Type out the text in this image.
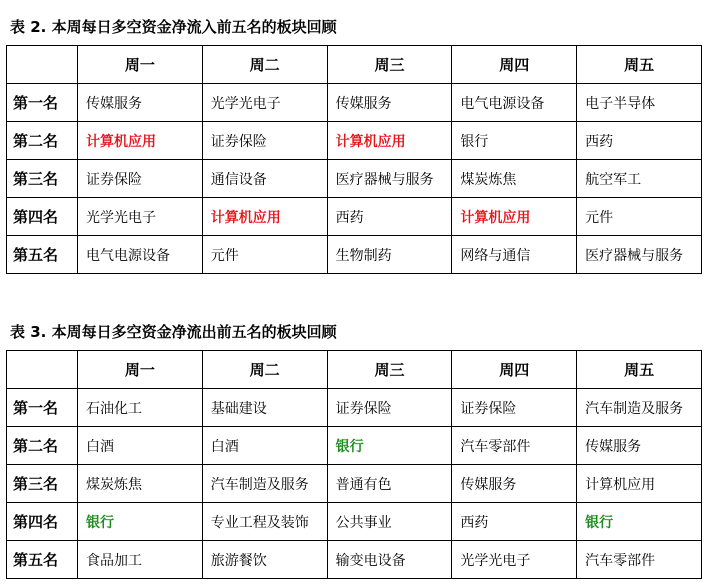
表 2. 本周每日多空资金净流入前五名的板块回顾
	周一	周二	周三	周四	周五
第一名	传媒服务	光学光电子	传媒服务	电气电源设备	电子半导体
第二名	计算机应用	证券保险	计算机应用	银行	西药
第三名	证券保险	通信设备	医疗器械与服务	煤炭炼焦	航空军工
第四名	光学光电子	计算机应用	西药	计算机应用	元件
第五名	电气电源设备	元件	生物制药	网络与通信	医疗器械与服务
表 3. 本周每日多空资金净流出前五名的板块回顾
	周一	周二	周三	周四	周五
第一名	石油化工	基础建设	证券保险	证券保险	汽车制造及服务
第二名	白酒	白酒	银行	汽车零部件	传媒服务
第三名	煤炭炼焦	汽车制造及服务	普通有色	传媒服务	计算机应用
第四名	银行	专业工程及装饰	公共事业	西药	银行
第五名	食品加工	旅游餐饮	输变电设备	光学光电子	汽车零部件
